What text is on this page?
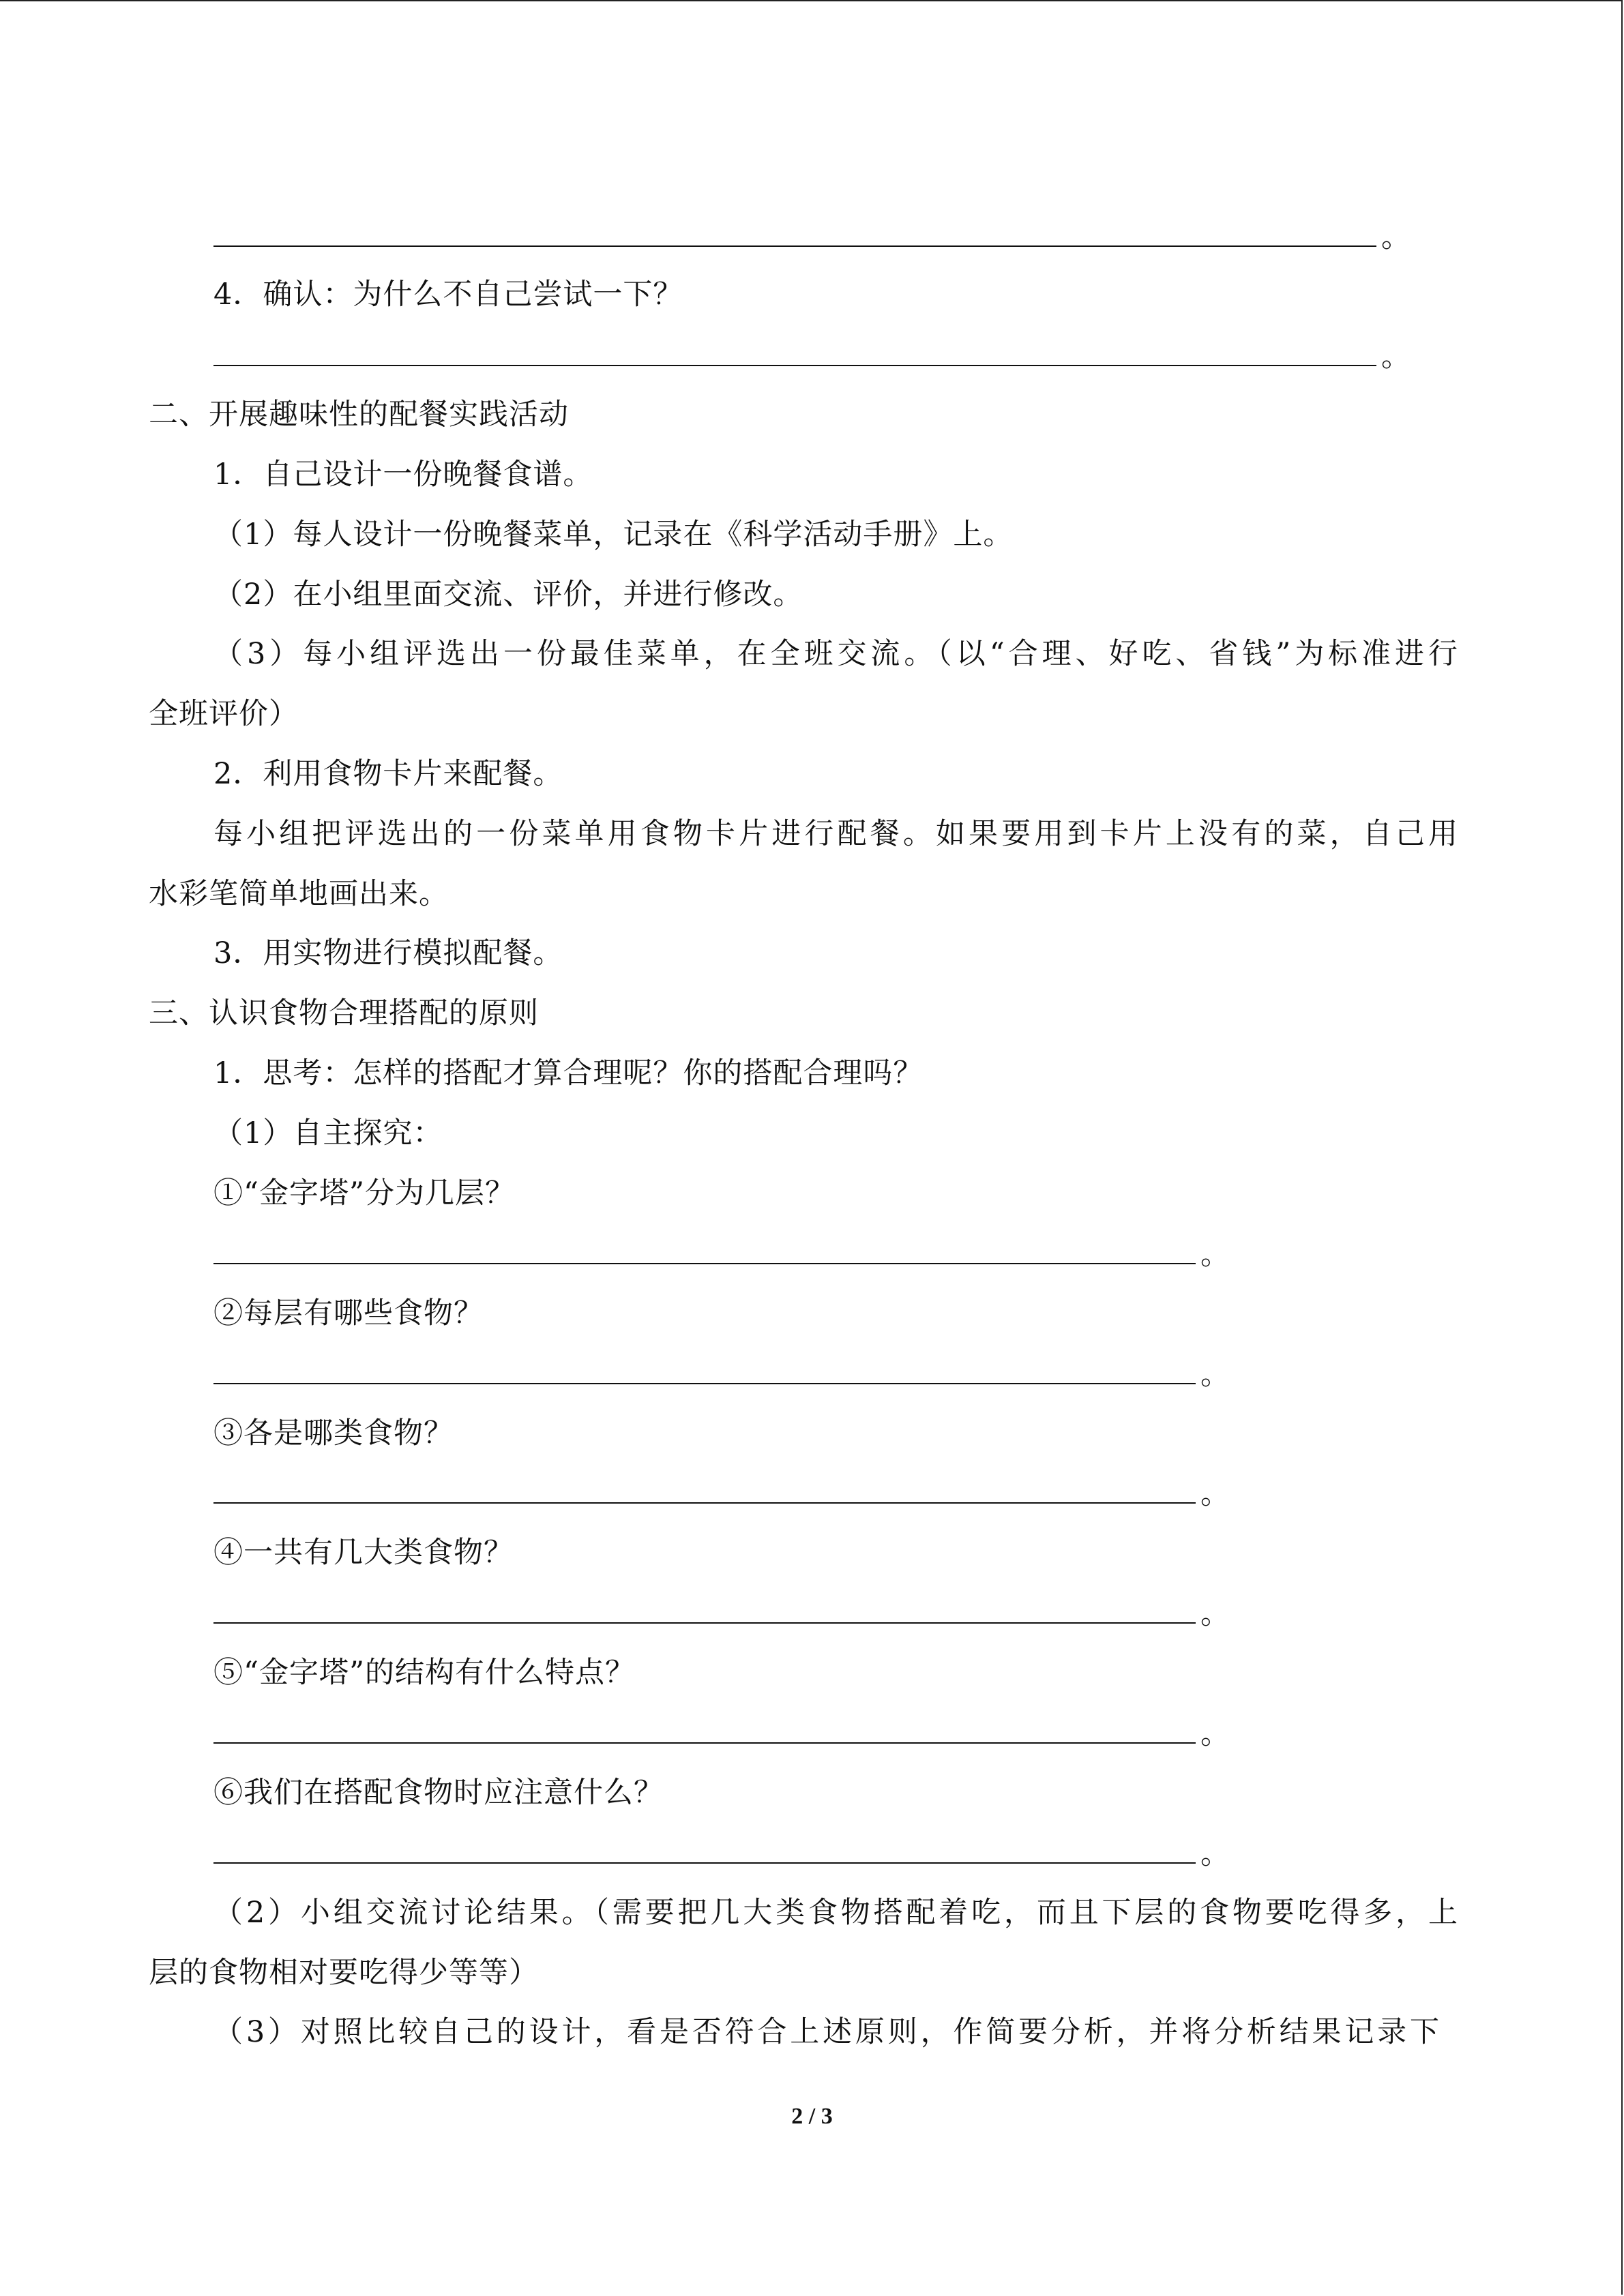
。
4．确认：为什么不自己尝试一下？
。
二、开展趣味性的配餐实践活动
1．自己设计一份晚餐食谱。
（1）每人设计一份晚餐菜单，记录在《科学活动手册》上。
（2）在小组里面交流、评价，并进行修改。
（3）每小组评选出一份最佳菜单，在全班交流。（以“合理、好吃、省钱”为标准进行
全班评价）
2．利用食物卡片来配餐。
每小组把评选出的一份菜单用食物卡片进行配餐。如果要用到卡片上没有的菜，自己用
水彩笔简单地画出来。
3．用实物进行模拟配餐。
三、认识食物合理搭配的原则
1．思考：怎样的搭配才算合理呢？你的搭配合理吗？
（1）自主探究：
①“金字塔”分为几层？
。
②每层有哪些食物？
。
③各是哪类食物？
。
④一共有几大类食物？
。
⑤“金字塔”的结构有什么特点？
。
⑥我们在搭配食物时应注意什么？
。
（2）小组交流讨论结果。（需要把几大类食物搭配着吃，而且下层的食物要吃得多，上
层的食物相对要吃得少等等）
（3）对照比较自己的设计，看是否符合上述原则，作简要分析，并将分析结果记录下
2 / 3
